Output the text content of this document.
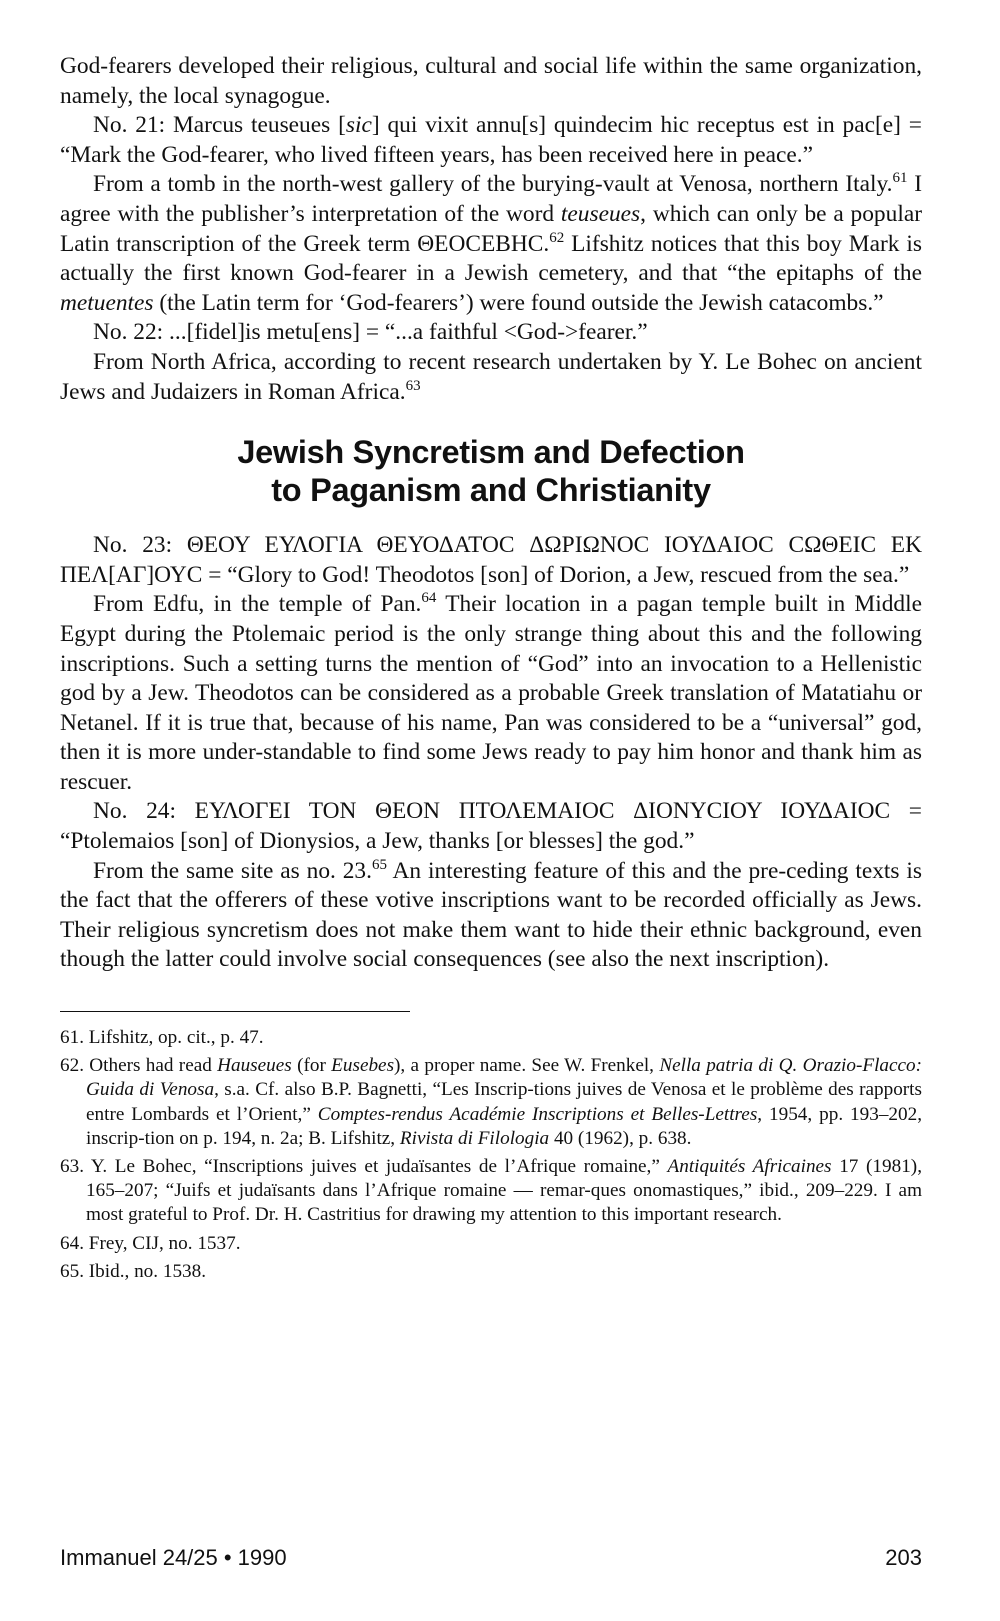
God-fearers developed their religious, cultural and social life within the same organization, namely, the local synagogue.

No. 21: Marcus teuseues [sic] qui vixit annu[s] quindecim hic receptus est in pac[e] = “Mark the God-fearer, who lived fifteen years, has been received here in peace.”

From a tomb in the north-west gallery of the burying-vault at Venosa, northern Italy.$^{61}$ I agree with the publisher’s interpretation of the word teuseues, which can only be a popular Latin transcription of the Greek term ΘΕΟCΕΒΗC.$^{62}$ Lifshitz notices that this boy Mark is actually the first known God-fearer in a Jewish cemetery, and that “the epitaphs of the metuentes (the Latin term for ‘God-fearers’) were found outside the Jewish catacombs.”

No. 22: ...[fidel]is metu[ens] = “...a faithful <God->fearer.”

From North Africa, according to recent research undertaken by Y. Le Bohec on ancient Jews and Judaizers in Roman Africa.$^{63}$

Jewish Syncretism and Defection
to Paganism and Christianity

No. 23: ΘΕΟΥ ΕΥΛΟΓΙΑ ΘΕΥΟΔΑΤΟC ΔΩΡΙΩΝΟC ΙΟΥΔΑΙΟC CΩΘΕΙC ΕΚ ΠΕΛ[ΑΓ]ΟΥC = “Glory to God! Theodotos [son] of Dorion, a Jew, rescued from the sea.”

From Edfu, in the temple of Pan.$^{64}$ Their location in a pagan temple built in Middle Egypt during the Ptolemaic period is the only strange thing about this and the following inscriptions. Such a setting turns the mention of “God” into an invocation to a Hellenistic god by a Jew. Theodotos can be considered as a probable Greek translation of Matatiahu or Netanel. If it is true that, because of his name, Pan was considered to be a “universal” god, then it is more under-standable to find some Jews ready to pay him honor and thank him as rescuer.

No. 24: ΕΥΛΟΓΕΙ ΤΟΝ ΘΕΟΝ ΠΤΟΛΕΜΑΙΟC ΔΙΟΝΥCΙΟΥ ΙΟΥΔΑΙΟC = “Ptolemaios [son] of Dionysios, a Jew, thanks [or blesses] the god.”

From the same site as no. 23.65 An interesting feature of this and the pre-ceding texts is the fact that the offerers of these votive inscriptions want to be recorded officially as Jews. Their religious syncretism does not make them want to hide their ethnic background, even though the latter could involve social consequences (see also the next inscription).

61. Lifshitz, op. cit., p. 47.
62. Others had read Hauseues (for Eusebes), a proper name. See W. Frenkel, Nella patria di Q. Orazio-Flacco: Guida di Venosa, s.a. Cf. also B.P. Bagnetti, “Les Inscrip-tions juives de Venosa et le problème des rapports entre Lombards et l’Orient,” Comptes-rendus Académie Inscriptions et Belles-Lettres, 1954, pp. 193–202, inscrip-tion on p. 194, n. 2a; B. Lifshitz, Rivista di Filologia 40 (1962), p. 638.
63. Y. Le Bohec, “Inscriptions juives et judaïsantes de l’Afrique romaine,” Antiquités Africaines 17 (1981), 165–207; “Juifs et judaïsants dans l’Afrique romaine — remar-ques onomastiques,” ibid., 209–229. I am most grateful to Prof. Dr. H. Castritius for drawing my attention to this important research.
64. Frey, CIJ, no. 1537.
65. Ibid., no. 1538.
Immanuel 24/25 • 1990	203
